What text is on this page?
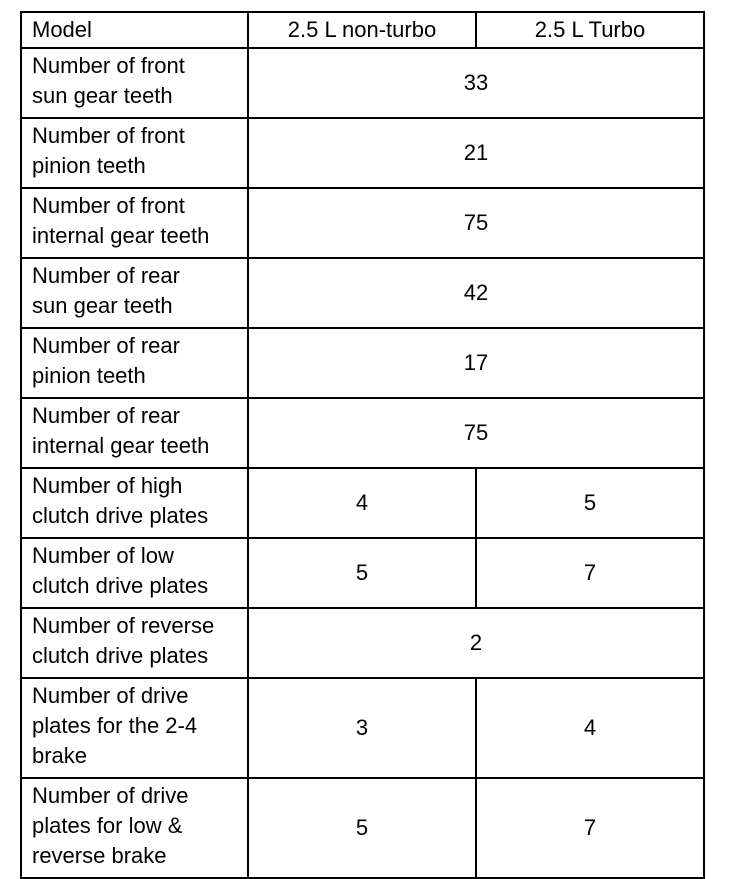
Model	2.5 L non-turbo	2.5 L Turbo

Number of front
sun gear teeth	33	

Number of front
pinion teeth	21	

Number of front
internal gear teeth	75	

Number of rear
sun gear teeth	42	

Number of rear
pinion teeth	17	

Number of rear
internal gear teeth	75	

Number of high
clutch drive plates	4	5

Number of low
clutch drive plates	5	7

Number of reverse
clutch drive plates	2	

Number of drive
plates for the 2-4
brake	3	4

Number of drive
plates for low &
reverse brake	5	7
